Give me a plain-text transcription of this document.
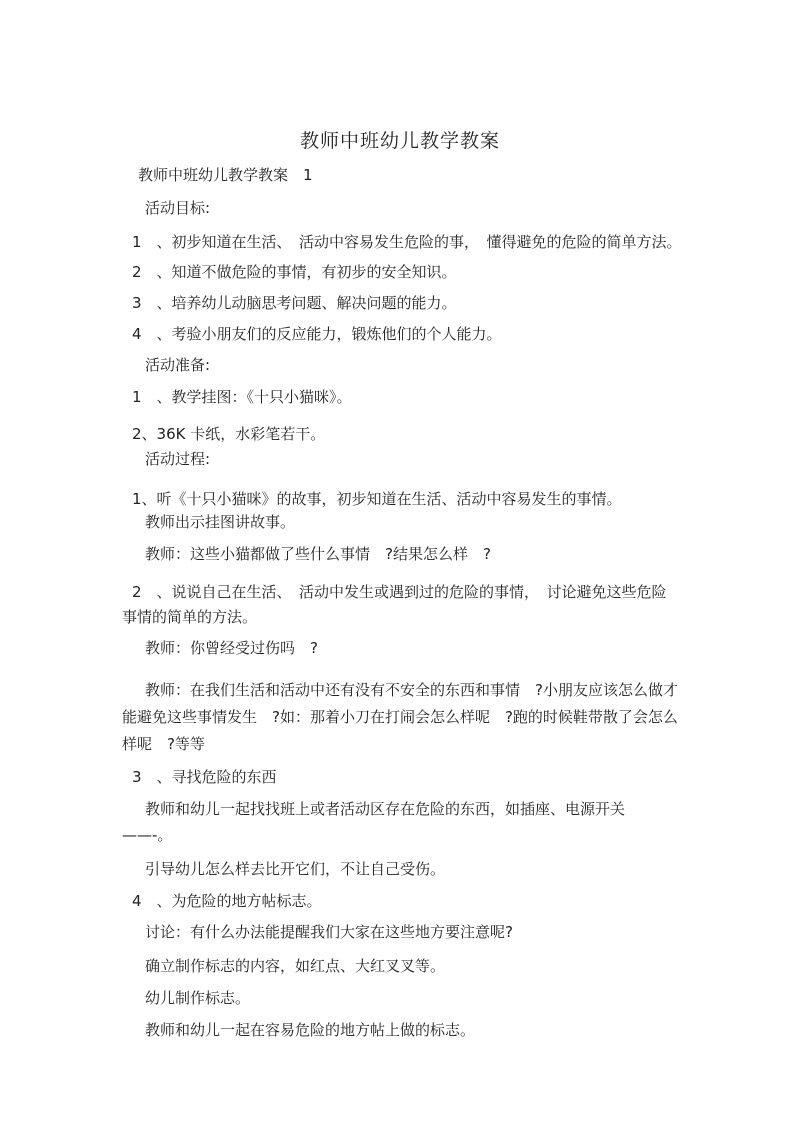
教师中班幼儿教学教案
教师中班幼儿教学教案　1
活动目标:
1　、初步知道在生活、　活动中容易发生危险的事，　懂得避免的危险的简单方法。
2　、知道不做危险的事情，有初步的安全知识。
3　、培养幼儿动脑思考问题、解决问题的能力。
4　、考验小朋友们的反应能力，锻炼他们的个人能力。
活动准备:
1　、教学挂图：《十只小猫咪》。
2、36K 卡纸，水彩笔若干。
活动过程:
1、听《十只小猫咪》的故事，初步知道在生活、活动中容易发生的事情。
教师出示挂图讲故事。
教师：这些小猫都做了些什么事情　?结果怎么样　?
2　、说说自己在生活、　活动中发生或遇到过的危险的事情，　讨论避免这些危险
事情的简单的方法。
教师：你曾经受过伤吗　?
教师：在我们生活和活动中还有没有不安全的东西和事情　?小朋友应该怎么做才
能避免这些事情发生　?如：那着小刀在打闹会怎么样呢　?跑的时候鞋带散了会怎么
样呢　?等等
3　、寻找危险的东西
教师和幼儿一起找找班上或者活动区存在危险的东西，如插座、电源开关
——-。
引导幼儿怎么样去比开它们，不让自己受伤。
4　、为危险的地方帖标志。
讨论：有什么办法能提醒我们大家在这些地方要注意呢?
确立制作标志的内容，如红点、大红叉叉等。
幼儿制作标志。
教师和幼儿一起在容易危险的地方帖上做的标志。
